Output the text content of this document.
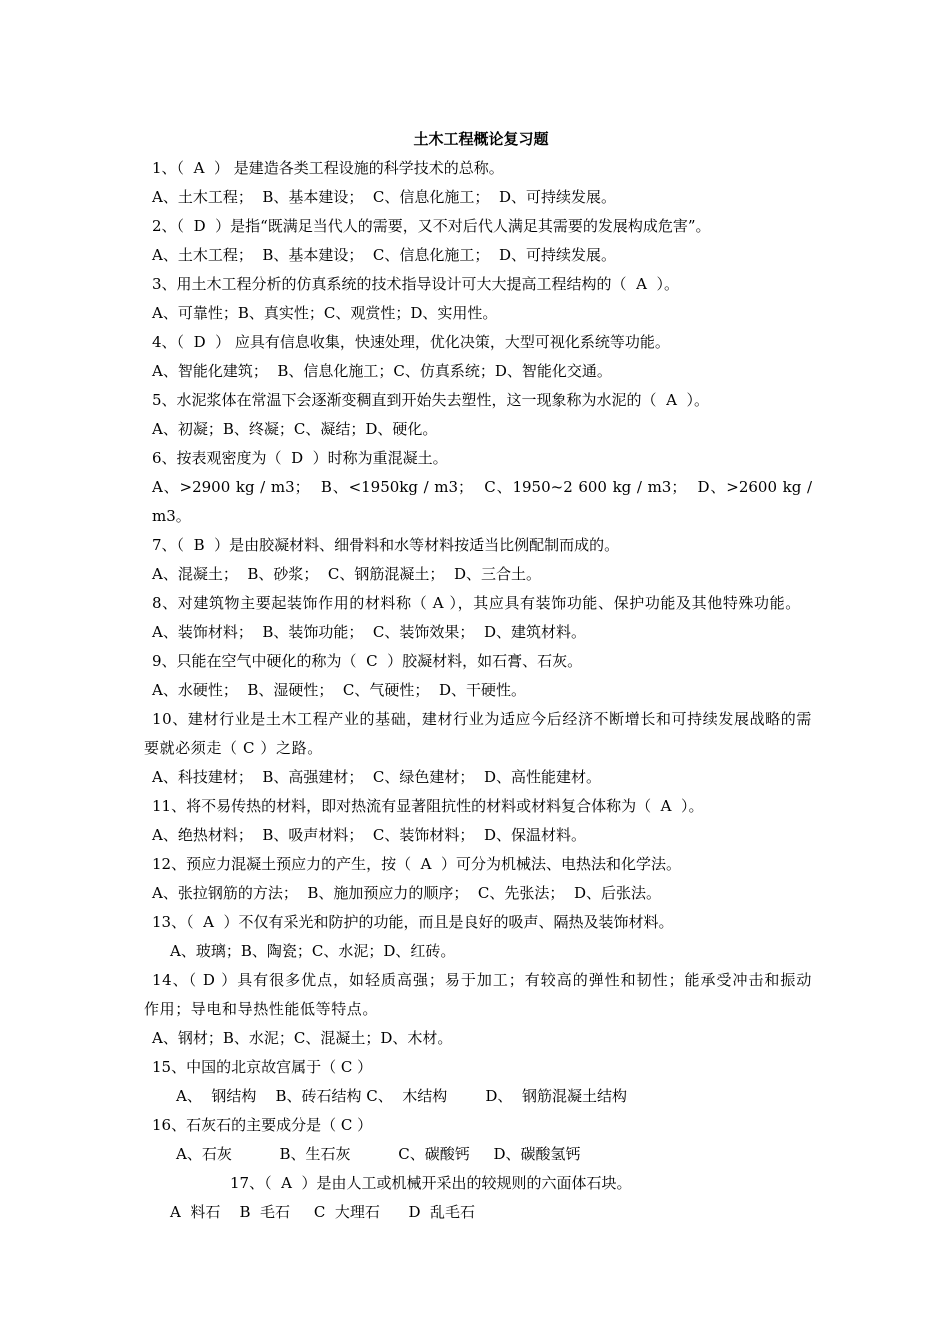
土木工程概论复习题
1、（  A  ） 是建造各类工程设施的科学技术的总称。
A、土木工程；  B、基本建设；  C、信息化施工；  D、可持续发展。
2、（  D  ）是指“既满足当代人的需要，又不对后代人满足其需要的发展构成危害”。
A、土木工程；  B、基本建设；  C、信息化施工；  D、可持续发展。
3、用土木工程分析的仿真系统的技术指导设计可大大提高工程结构的（  A  ）。
A、可靠性；B、真实性；C、观赏性；D、实用性。
4、（  D  ） 应具有信息收集，快速处理，优化决策，大型可视化系统等功能。
A、智能化建筑；  B、信息化施工；C、仿真系统；D、智能化交通。
5、水泥浆体在常温下会逐渐变稠直到开始失去塑性，这一现象称为水泥的（  A  ）。
A、初凝；B、终凝；C、凝结；D、硬化。
6、按表观密度为（  D  ）时称为重混凝土。
A、>2900 kg / m3；  B、<1950kg / m3；  C、1950~2 600 kg / m3；  D、>2600 kg / m3。
7、（  B  ）是由胶凝材料、细骨料和水等材料按适当比例配制而成的。
A、混凝土；  B、砂浆；  C、钢筋混凝土；  D、三合土。
8、对建筑物主要起装饰作用的材料称（ A ），其应具有装饰功能、保护功能及其他特殊功能。
A、装饰材料；  B、装饰功能；  C、装饰效果；  D、建筑材料。
9、只能在空气中硬化的称为（  C  ）胶凝材料，如石膏、石灰。
A、水硬性；  B、湿硬性；  C、气硬性；  D、干硬性。
10、建材行业是土木工程产业的基础，建材行业为适应今后经济不断增长和可持续发展战略的需要就必须走（ C ）之路。
A、科技建材；  B、高强建材；  C、绿色建材；  D、高性能建材。
11、将不易传热的材料，即对热流有显著阻抗性的材料或材料复合体称为（  A  ）。
A、绝热材料；  B、吸声材料；  C、装饰材料；  D、保温材料。
12、预应力混凝土预应力的产生，按（  A  ）可分为机械法、电热法和化学法。
A、张拉钢筋的方法；  B、施加预应力的顺序；  C、先张法；  D、后张法。
13、（  A  ）不仅有采光和防护的功能，而且是良好的吸声、隔热及装饰材料。
A、玻璃；B、陶瓷；C、水泥；D、红砖。
14、（ D ）具有很多优点，如轻质高强；易于加工；有较高的弹性和韧性；能承受冲击和振动作用；导电和导热性能低等特点。
A、钢材；B、水泥；C、混凝土；D、木材。
15、中国的北京故宫属于（ C ）
A、  钢结构    B、砖石结构 C、  木结构        D、  钢筋混凝土结构
16、石灰石的主要成分是（ C ）
A、石灰          B、生石灰          C、碳酸钙     D、碳酸氢钙
17、（  A  ）是由人工或机械开采出的较规则的六面体石块。
A  料石    B  毛石     C  大理石      D  乱毛石
